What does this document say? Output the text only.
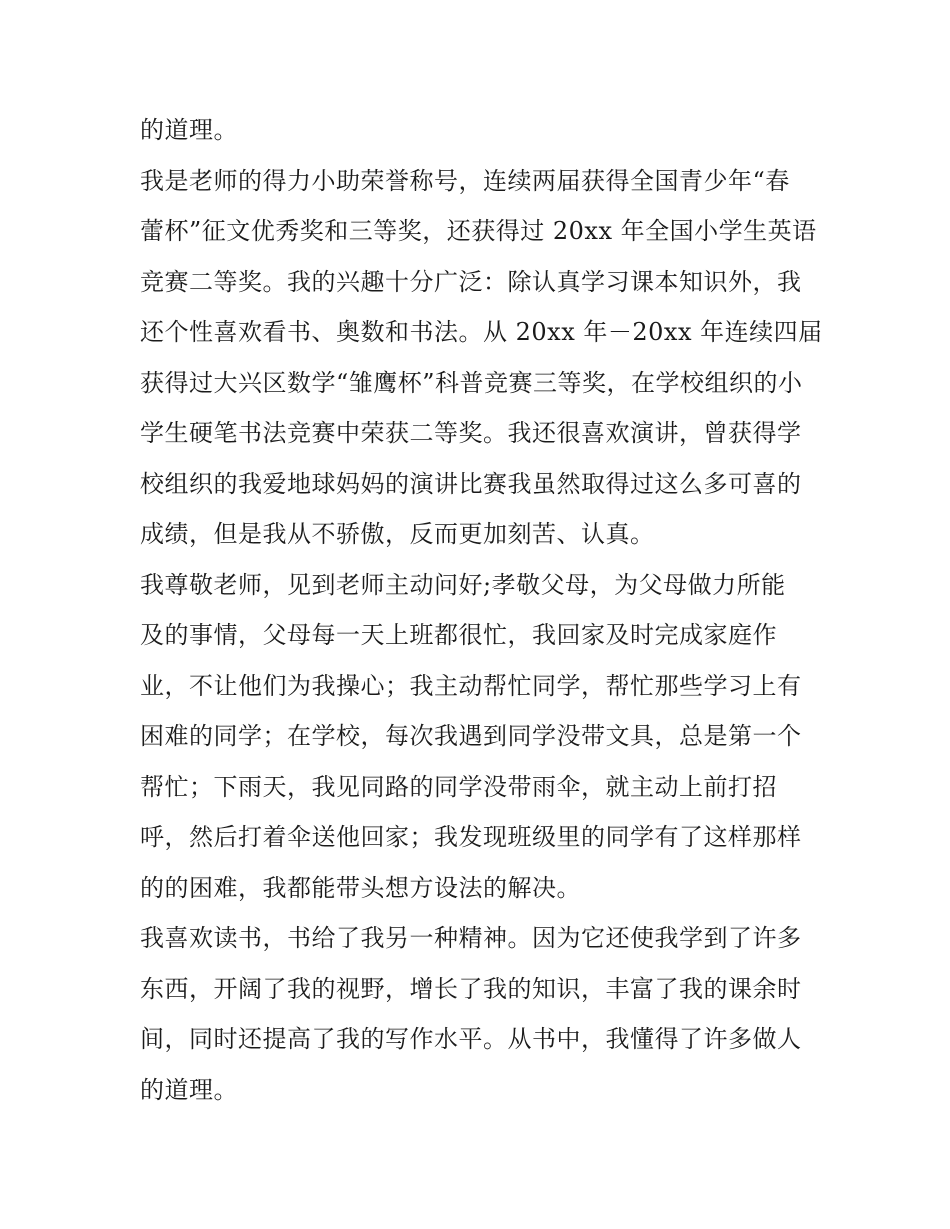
的道理。
我是老师的得力小助荣誉称号，连续两届获得全国青少年“春
蕾杯”征文优秀奖和三等奖，还获得过 20xx 年全国小学生英语
竞赛二等奖。我的兴趣十分广泛：除认真学习课本知识外，我
还个性喜欢看书、奥数和书法。从 20xx 年－20xx 年连续四届
获得过大兴区数学“雏鹰杯”科普竞赛三等奖，在学校组织的小
学生硬笔书法竞赛中荣获二等奖。我还很喜欢演讲，曾获得学
校组织的我爱地球妈妈的演讲比赛我虽然取得过这么多可喜的
成绩，但是我从不骄傲，反而更加刻苦、认真。
我尊敬老师，见到老师主动问好;孝敬父母，为父母做力所能
及的事情，父母每一天上班都很忙，我回家及时完成家庭作
业，不让他们为我操心；我主动帮忙同学，帮忙那些学习上有
困难的同学；在学校，每次我遇到同学没带文具，总是第一个
帮忙；下雨天，我见同路的同学没带雨伞，就主动上前打招
呼，然后打着伞送他回家；我发现班级里的同学有了这样那样
的的困难，我都能带头想方设法的解决。
我喜欢读书，书给了我另一种精神。因为它还使我学到了许多
东西，开阔了我的视野，增长了我的知识，丰富了我的课余时
间，同时还提高了我的写作水平。从书中，我懂得了许多做人
的道理。
